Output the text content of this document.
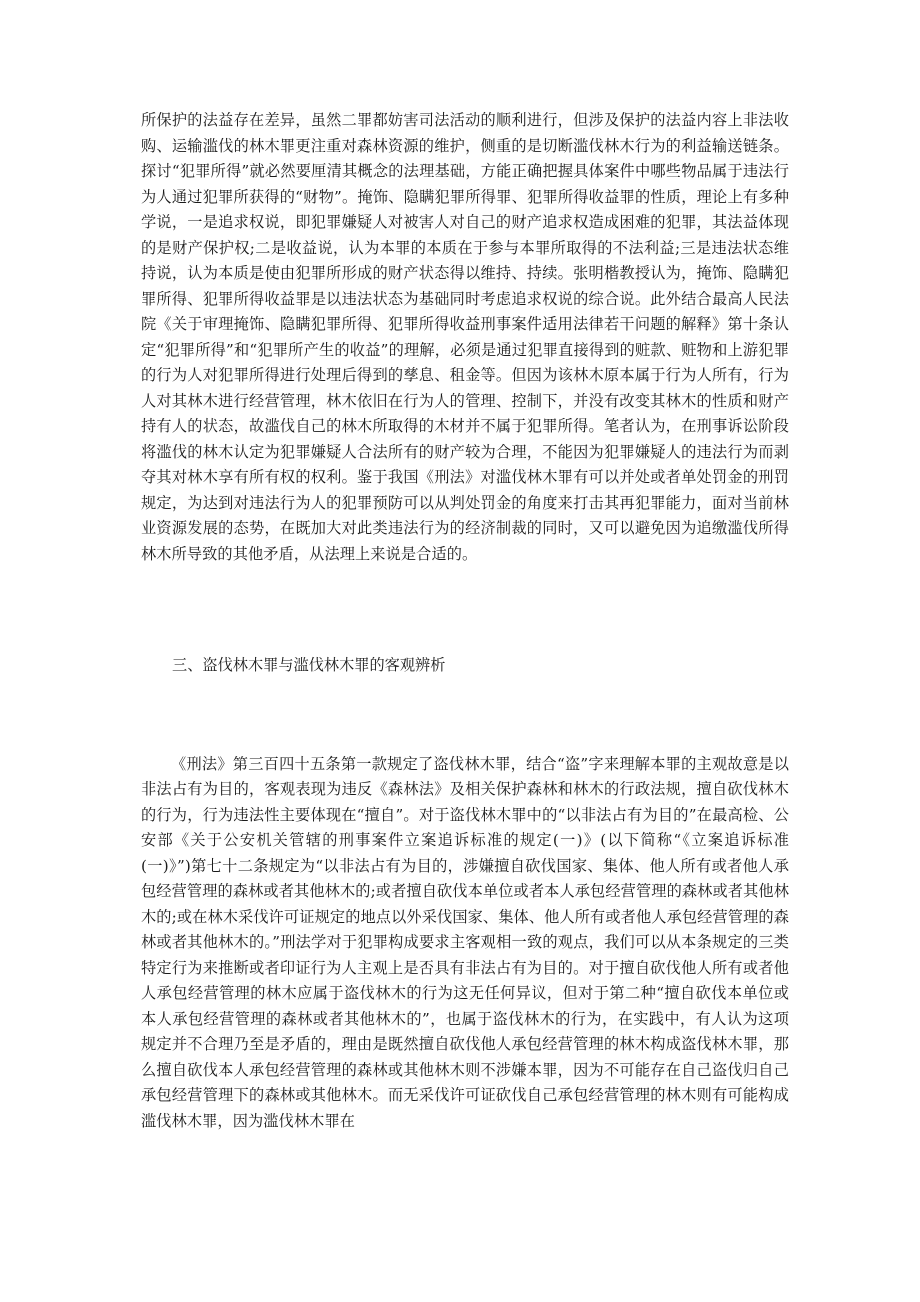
所保护的法益存在差异，虽然二罪都妨害司法活动的顺利进行，但涉及保护的法益内容上非法收购、运输滥伐的林木罪更注重对森林资源的维护，侧重的是切断滥伐林木行为的利益输送链条。探讨“犯罪所得”就必然要厘清其概念的法理基础，方能正确把握具体案件中哪些物品属于违法行为人通过犯罪所获得的“财物”。掩饰、隐瞒犯罪所得罪、犯罪所得收益罪的性质，理论上有多种学说，一是追求权说，即犯罪嫌疑人对被害人对自己的财产追求权造成困难的犯罪，其法益体现的是财产保护权;二是收益说，认为本罪的本质在于参与本罪所取得的不法利益;三是违法状态维持说，认为本质是使由犯罪所形成的财产状态得以维持、持续。张明楷教授认为，掩饰、隐瞒犯罪所得、犯罪所得收益罪是以违法状态为基础同时考虑追求权说的综合说。此外结合最高人民法院《关于审理掩饰、隐瞒犯罪所得、犯罪所得收益刑事案件适用法律若干问题的解释》第十条认定“犯罪所得”和“犯罪所产生的收益”的理解，必须是通过犯罪直接得到的赃款、赃物和上游犯罪的行为人对犯罪所得进行处理后得到的孳息、租金等。但因为该林木原本属于行为人所有，行为人对其林木进行经营管理，林木依旧在行为人的管理、控制下，并没有改变其林木的性质和财产持有人的状态，故滥伐自己的林木所取得的木材并不属于犯罪所得。笔者认为，在刑事诉讼阶段将滥伐的林木认定为犯罪嫌疑人合法所有的财产较为合理，不能因为犯罪嫌疑人的违法行为而剥夺其对林木享有所有权的权利。鉴于我国《刑法》对滥伐林木罪有可以并处或者单处罚金的刑罚规定，为达到对违法行为人的犯罪预防可以从判处罚金的角度来打击其再犯罪能力，面对当前林业资源发展的态势，在既加大对此类违法行为的经济制裁的同时，又可以避免因为追缴滥伐所得林木所导致的其他矛盾，从法理上来说是合适的。

三、盗伐林木罪与滥伐林木罪的客观辨析

《刑法》第三百四十五条第一款规定了盗伐林木罪，结合“盗”字来理解本罪的主观故意是以非法占有为目的，客观表现为违反《森林法》及相关保护森林和林木的行政法规，擅自砍伐林木的行为，行为违法性主要体现在“擅自”。对于盗伐林木罪中的“以非法占有为目的”在最高检、公安部《关于公安机关管辖的刑事案件立案追诉标准的规定(一)》(以下简称“《立案追诉标准(一)》”)第七十二条规定为“以非法占有为目的，涉嫌擅自砍伐国家、集体、他人所有或者他人承包经营管理的森林或者其他林木的;或者擅自砍伐本单位或者本人承包经营管理的森林或者其他林木的;或在林木采伐许可证规定的地点以外采伐国家、集体、他人所有或者他人承包经营管理的森林或者其他林木的。”刑法学对于犯罪构成要求主客观相一致的观点，我们可以从本条规定的三类特定行为来推断或者印证行为人主观上是否具有非法占有为目的。对于擅自砍伐他人所有或者他人承包经营管理的林木应属于盗伐林木的行为这无任何异议，但对于第二种“擅自砍伐本单位或本人承包经营管理的森林或者其他林木的”，也属于盗伐林木的行为，在实践中，有人认为这项规定并不合理乃至是矛盾的，理由是既然擅自砍伐他人承包经营管理的林木构成盗伐林木罪，那么擅自砍伐本人承包经营管理的森林或其他林木则不涉嫌本罪，因为不可能存在自己盗伐归自己承包经营管理下的森林或其他林木。而无采伐许可证砍伐自己承包经营管理的林木则有可能构成滥伐林木罪，因为滥伐林木罪在
